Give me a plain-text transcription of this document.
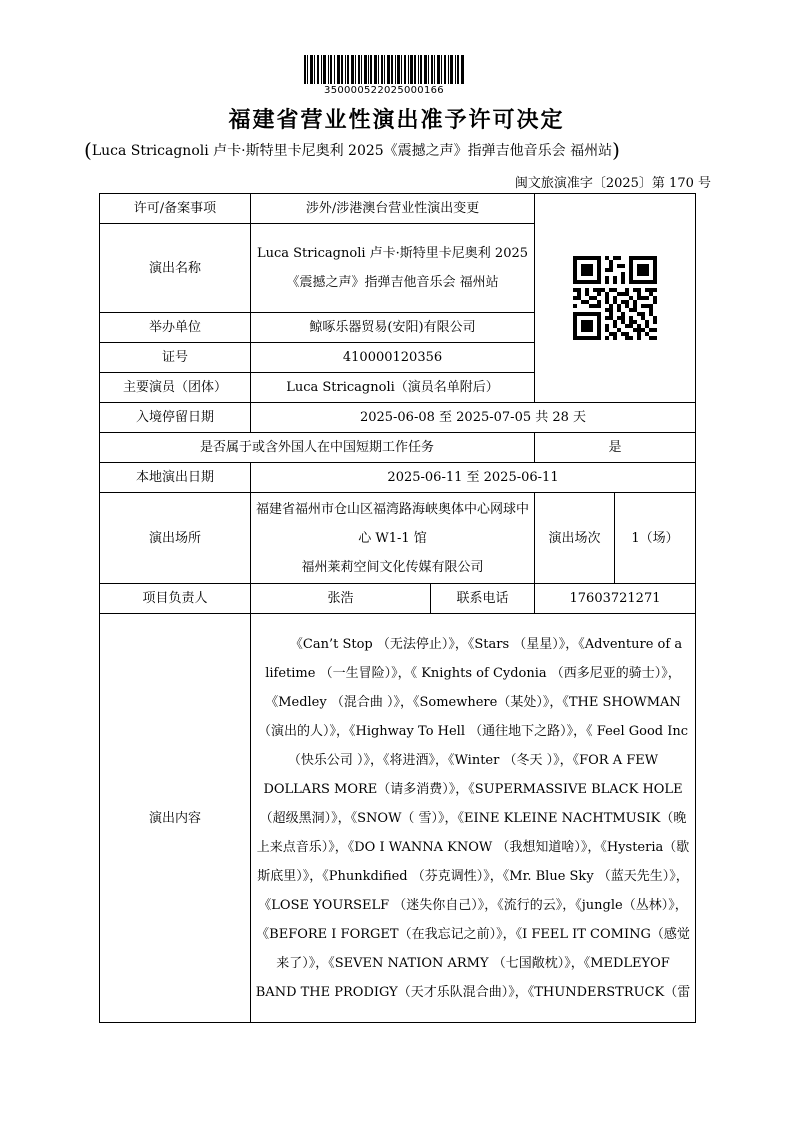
350000522025000166
福建省营业性演出准予许可决定
(Luca Stricagnoli 卢卡·斯特里卡尼奥利 2025《震撼之声》指弹吉他音乐会 福州站)
闽文旅演准字〔2025〕第 170 号
许可/备案事项	涉外/涉港澳台营业性演出变更	

演出名称	Luca Stricagnoli 卢卡·斯特里卡尼奥利 2025《震撼之声》指弹吉他音乐会 福州站			
举办单位	鲸啄乐器贸易(安阳)有限公司			
证号	410000120356			
主要演员（团体）	Luca Stricagnoli（演员名单附后）			
入境停留日期	2025-06-08 至 2025-07-05 共 28 天			
是否属于或含外国人在中国短期工作任务			是	
本地演出日期	2025-06-11 至 2025-06-11			
演出场所	福建省福州市仓山区福湾路海峡奥体中心网球中心 W1-1 馆
福州莱莉空间文化传媒有限公司		演出场次	1（场）
项目负责人	张浩	联系电话	17603721271	
演出内容	《Can’t Stop （无法停止）》，《Stars （星星）》，《Adventure of a lifetime （一生冒险）》，《 Knights of Cydonia （西多尼亚的骑士）》，《Medley （混合曲 ）》，《Somewhere（某处）》，《THE SHOWMAN（演出的人）》，《Highway To Hell （通往地下之路）》，《 Feel Good Inc （快乐公司 ）》，《将进酒》，《Winter （冬天 ）》，《FOR A FEW DOLLARS MORE（请多消费）》，《SUPERMASSIVE BLACK HOLE （超级黑洞）》，《SNOW（ 雪）》，《EINE KLEINE NACHTMUSIK（晚上来点音乐）》，《DO I WANNA KNOW （我想知道啥）》，《Hysteria（歇斯底里）》，《Phunkdified （芬克调性）》，《Mr. Blue Sky （蓝天先生）》，《LOSE YOURSELF （迷失你自己）》，《流行的云》，《jungle（丛林）》，《BEFORE I FORGET（在我忘记之前）》，《I FEEL IT COMING（感觉来了）》，《SEVEN NATION ARMY （七国敞枕）》，《MEDLEYOF BAND THE PRODIGY（天才乐队混合曲）》，《THUNDERSTRUCK（雷			
